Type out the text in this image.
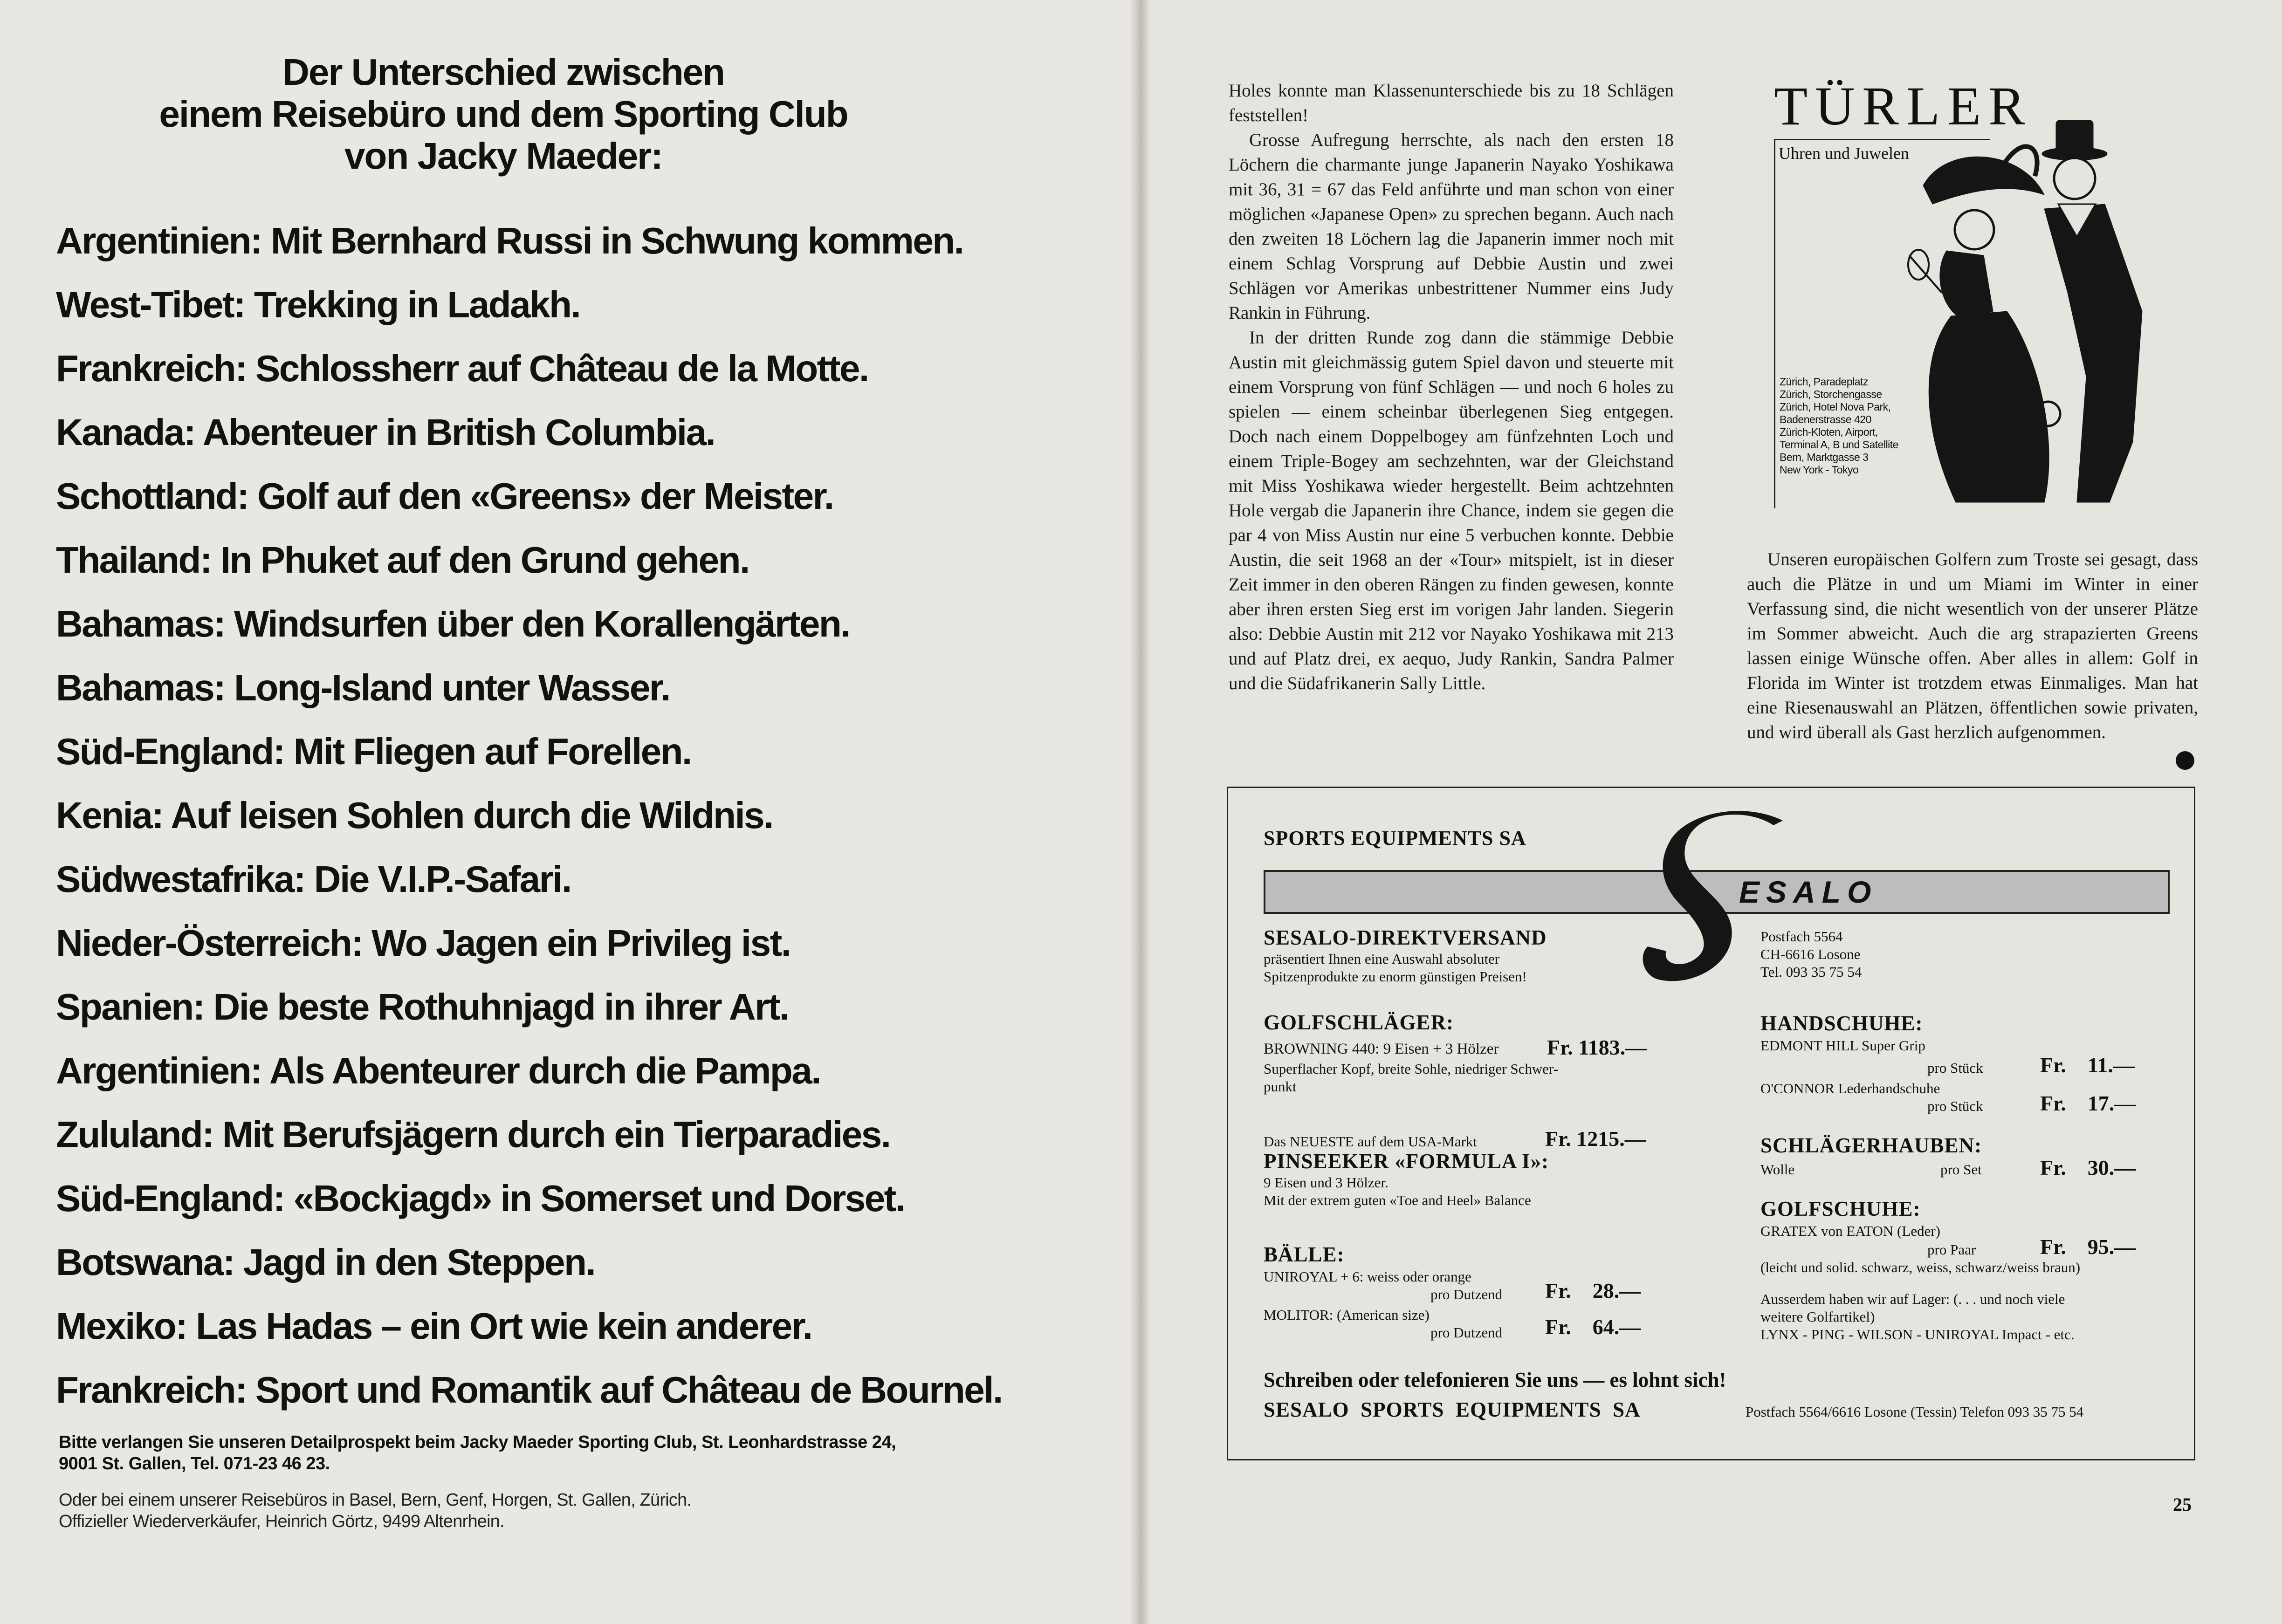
Der Unterschied zwischen
einem Reisebüro und dem Sporting Club
von Jacky Maeder:
Argentinien: Mit Bernhard Russi in Schwung kommen.
West-Tibet: Trekking in Ladakh.
Frankreich: Schlossherr auf Château de la Motte.
Kanada: Abenteuer in British Columbia.
Schottland: Golf auf den «Greens» der Meister.
Thailand: In Phuket auf den Grund gehen.
Bahamas: Windsurfen über den Korallengärten.
Bahamas: Long-Island unter Wasser.
Süd-England: Mit Fliegen auf Forellen.
Kenia: Auf leisen Sohlen durch die Wildnis.
Südwestafrika: Die V.I.P.-Safari.
Nieder-Österreich: Wo Jagen ein Privileg ist.
Spanien: Die beste Rothuhnjagd in ihrer Art.
Argentinien: Als Abenteurer durch die Pampa.
Zululand: Mit Berufsjägern durch ein Tierparadies.
Süd-England: «Bockjagd» in Somerset und Dorset.
Botswana: Jagd in den Steppen.
Mexiko: Las Hadas – ein Ort wie kein anderer.
Frankreich: Sport und Romantik auf Château de Bournel.

Bitte verlangen Sie unseren Detailprospekt beim Jacky Maeder Sporting Club, St. Leonhardstrasse 24,
9001 St. Gallen, Tel. 071-23 46 23.

Oder bei einem unserer Reisebüros in Basel, Bern, Genf, Horgen, St. Gallen, Zürich.
Offizieller Wiederverkäufer, Heinrich Görtz, 9499 Altenrhein.

Holes konnte man Klassenunterschiede bis zu 18 Schlägen feststellen!

Grosse Aufregung herrschte, als nach den ersten 18 Löchern die charmante junge Japanerin Nayako Yoshikawa mit 36, 31 = 67 das Feld anführte und man schon von einer möglichen «Japanese Open» zu sprechen begann. Auch nach den zweiten 18 Löchern lag die Japanerin immer noch mit einem Schlag Vorsprung auf Debbie Austin und zwei Schlägen vor Amerikas unbestrittener Nummer eins Judy Rankin in Führung.

In der dritten Runde zog dann die stämmige Debbie Austin mit gleichmässig gutem Spiel davon und steuerte mit einem Vorsprung von fünf Schlägen — und noch 6 holes zu spielen — einem scheinbar überlegenen Sieg entgegen. Doch nach einem Doppelbogey am fünfzehnten Loch und einem Triple-Bogey am sechzehnten, war der Gleichstand mit Miss Yoshikawa wieder hergestellt. Beim achtzehnten Hole vergab die Japanerin ihre Chance, indem sie gegen die par 4 von Miss Austin nur eine 5 verbuchen konnte. Debbie Austin, die seit 1968 an der «Tour» mitspielt, ist in dieser Zeit immer in den oberen Rängen zu finden gewesen, konnte aber ihren ersten Sieg erst im vorigen Jahr landen. Siegerin also: Debbie Austin mit 212 vor Nayako Yoshikawa mit 213 und auf Platz drei, ex aequo, Judy Rankin, Sandra Palmer und die Südafrikanerin Sally Little.

TÜRLER

Uhren und Juwelen

Zürich, Paradeplatz
Zürich, Storchengasse
Zürich, Hotel Nova Park,
Badenerstrasse 420
Zürich-Kloten, Airport,
Terminal A, B und Satellite
Bern, Marktgasse 3
New York - Tokyo

Unseren europäischen Golfern zum Troste sei gesagt, dass auch die Plätze in und um Miami im Winter in einer Verfassung sind, die nicht wesentlich von der unserer Plätze im Sommer abweicht. Auch die arg strapazierten Greens lassen einige Wünsche offen. Aber alles in allem: Golf in Florida im Winter ist trotzdem etwas Einmaliges. Man hat eine Riesenauswahl an Plätzen, öffentlichen sowie privaten, und wird überall als Gast herzlich aufgenommen.

SPORTS EQUIPMENTS SA

ESALO

SESALO-DIREKTVERSAND

präsentiert Ihnen eine Auswahl absoluter

Spitzenprodukte zu enorm günstigen Preisen!

Postfach 5564

CH-6616 Losone

Tel. 093 35 75 54

GOLFSCHLÄGER:

BROWNING 440: 9 Eisen + 3 Hölzer Fr. 1183.—

Superflacher Kopf, breite Sohle, niedriger Schwer-

punkt

Das NEUESTE auf dem USA-Markt	Fr. 1215.—

PINSEEKER «FORMULA I»:

9 Eisen und 3 Hölzer.

Mit der extrem guten «Toe and Heel» Balance

BÄLLE:

UNIROYAL + 6: weiss oder orange

pro Dutzend Fr.    28.—

MOLITOR: (American size)

pro Dutzend Fr.    64.—

HANDSCHUHE:

EDMONT HILL Super Grip

pro Stück	Fr.    11.—

O'CONNOR Lederhandschuhe

pro Stück	Fr.    17.—

SCHLÄGERHAUBEN:

Wolle	pro Set	Fr.    30.—

GOLFSCHUHE:

GRATEX von EATON (Leder)

pro Paar	Fr.    95.—

(leicht und solid. schwarz, weiss, schwarz/weiss braun)

Ausserdem haben wir auf Lager: (. . . und noch viele

weitere Golfartikel)

LYNX - PING - WILSON - UNIROYAL Impact - etc.

Schreiben oder telefonieren Sie uns — es lohnt sich!

SESALO  SPORTS  EQUIPMENTS  SA	Postfach 5564/6616 Losone (Tessin) Telefon 093 35 75 54

25
